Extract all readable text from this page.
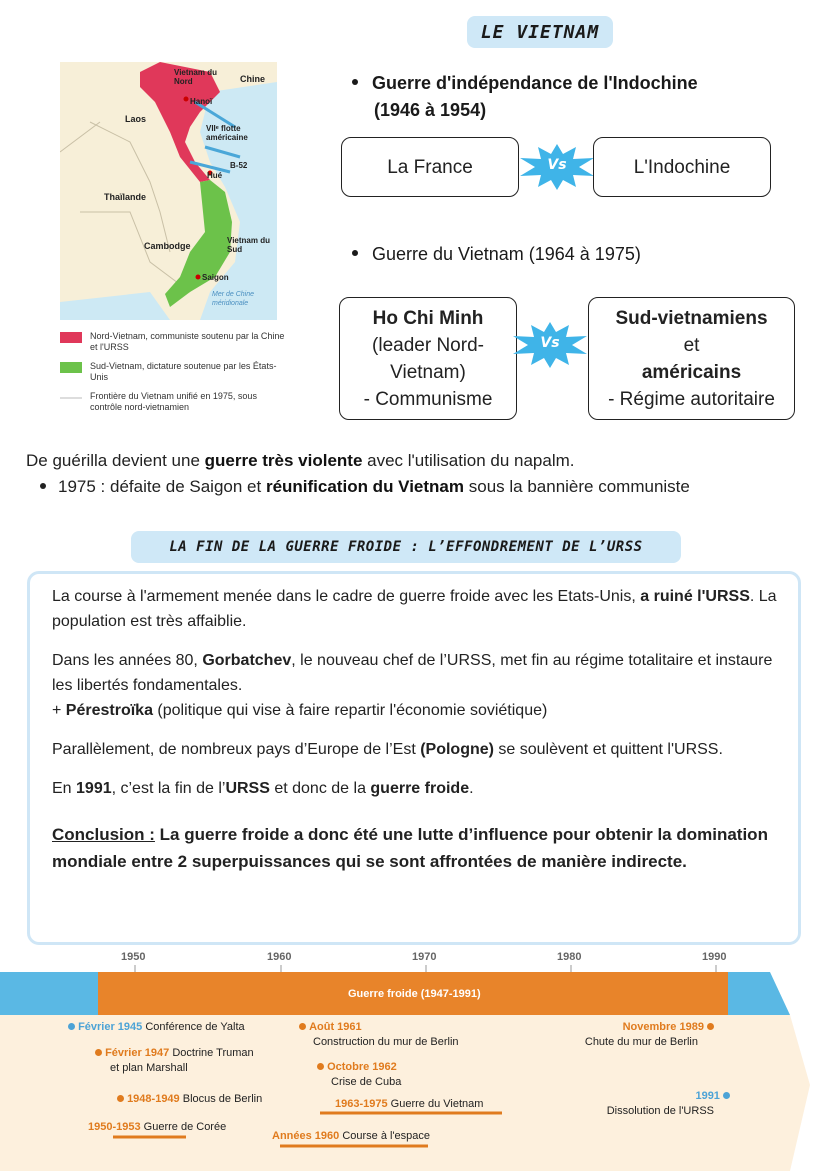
LE VIETNAM
Vietnam du Nord	Chine
Hanoï
Laos
VIIᵉ flotte américaine
B-52
Hué
Thaïlande
Cambodge
Vietnam du Sud
Saigon
Mer de Chine méridionale
Nord-Vietnam, communiste soutenu par la Chine et l'URSS
Sud-Vietnam, dictature soutenue par les États-Unis
Frontière du Vietnam unifié en 1975, sous contrôle nord-vietnamien
Guerre d'indépendance de l'Indochine
(1946 à 1954)
La France	Vs	L'Indochine
Guerre du Vietnam (1964 à 1975)
Ho Chi Minh
(leader Nord-
Vietnam)
- Communisme
Vs
Sud-vietnamiens
et
américains
- Régime autoritaire
De guérilla devient une guerre très violente avec l'utilisation du napalm.
1975 : défaite de Saigon et réunification du Vietnam sous la bannière communiste
LA FIN DE LA GUERRE FROIDE : L’EFFONDREMENT DE L’URSS

La course à l'armement menée dans le cadre de guerre froide avec les Etats-Unis, a ruiné l'URSS. La population est très affaiblie.

Dans les années 80, Gorbatchev, le nouveau chef de l’URSS, met fin au régime totalitaire et instaure les libertés fondamentales.

+ Pérestroïka (politique qui vise à faire repartir l'économie soviétique)

Parallèlement, de nombreux pays d’Europe de l’Est (Pologne) se soulèvent et quittent l'URSS.

En 1991, c’est la fin de l’URSS et donc de la guerre froide.

Conclusion : La guerre froide a donc été une lutte d’influence pour obtenir la domination mondiale entre 2 superpuissances qui se sont affrontées de manière indirecte.

1950	1960	1970	1980	1990
Guerre froide (1947-1991)
Février 1945 Conférence de Yalta
Février 1947 Doctrine Truman
et plan Marshall
1948-1949 Blocus de Berlin
1950-1953 Guerre de Corée
Août 1961
Construction du mur de Berlin
Octobre 1962
Crise de Cuba
1963-1975 Guerre du Vietnam
Années 1960 Course à l'espace
Novembre 1989
Chute du mur de Berlin
1991
Dissolution de l'URSS
